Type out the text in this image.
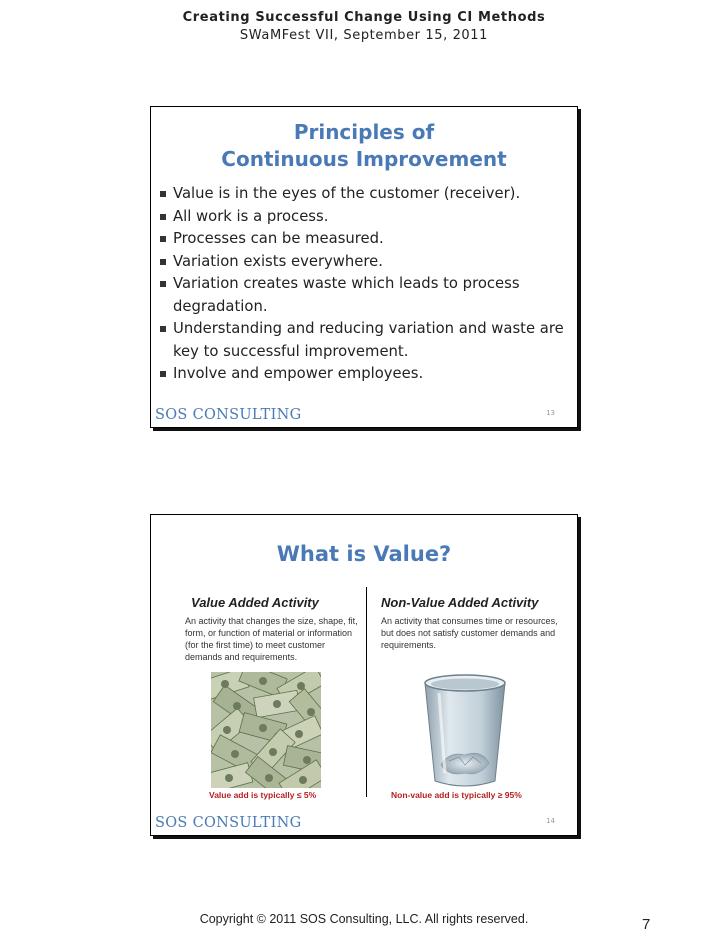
Creating Successful Change Using CI Methods
SWaMFest VII, September 15, 2011
Principles of
Continuous Improvement
Value is in the eyes of the customer (receiver).
All work is a process.
Processes can be measured.
Variation exists everywhere.
Variation creates waste which leads to process degradation.
Understanding and reducing variation and waste are key to successful improvement.
Involve and empower employees.
SOS CONSULTING	13
What is Value?
Value Added Activity
An activity that changes the size, shape, fit, form, or function of material or information (for the first time) to meet customer demands and requirements.
Non-Value Added Activity
An activity that consumes time or resources, but does not satisfy customer demands and requirements.
Value add is typically ≤ 5%	Non-value add is typically ≥ 95%
SOS CONSULTING	14
Copyright © 2011 SOS Consulting, LLC. All rights reserved.	7
